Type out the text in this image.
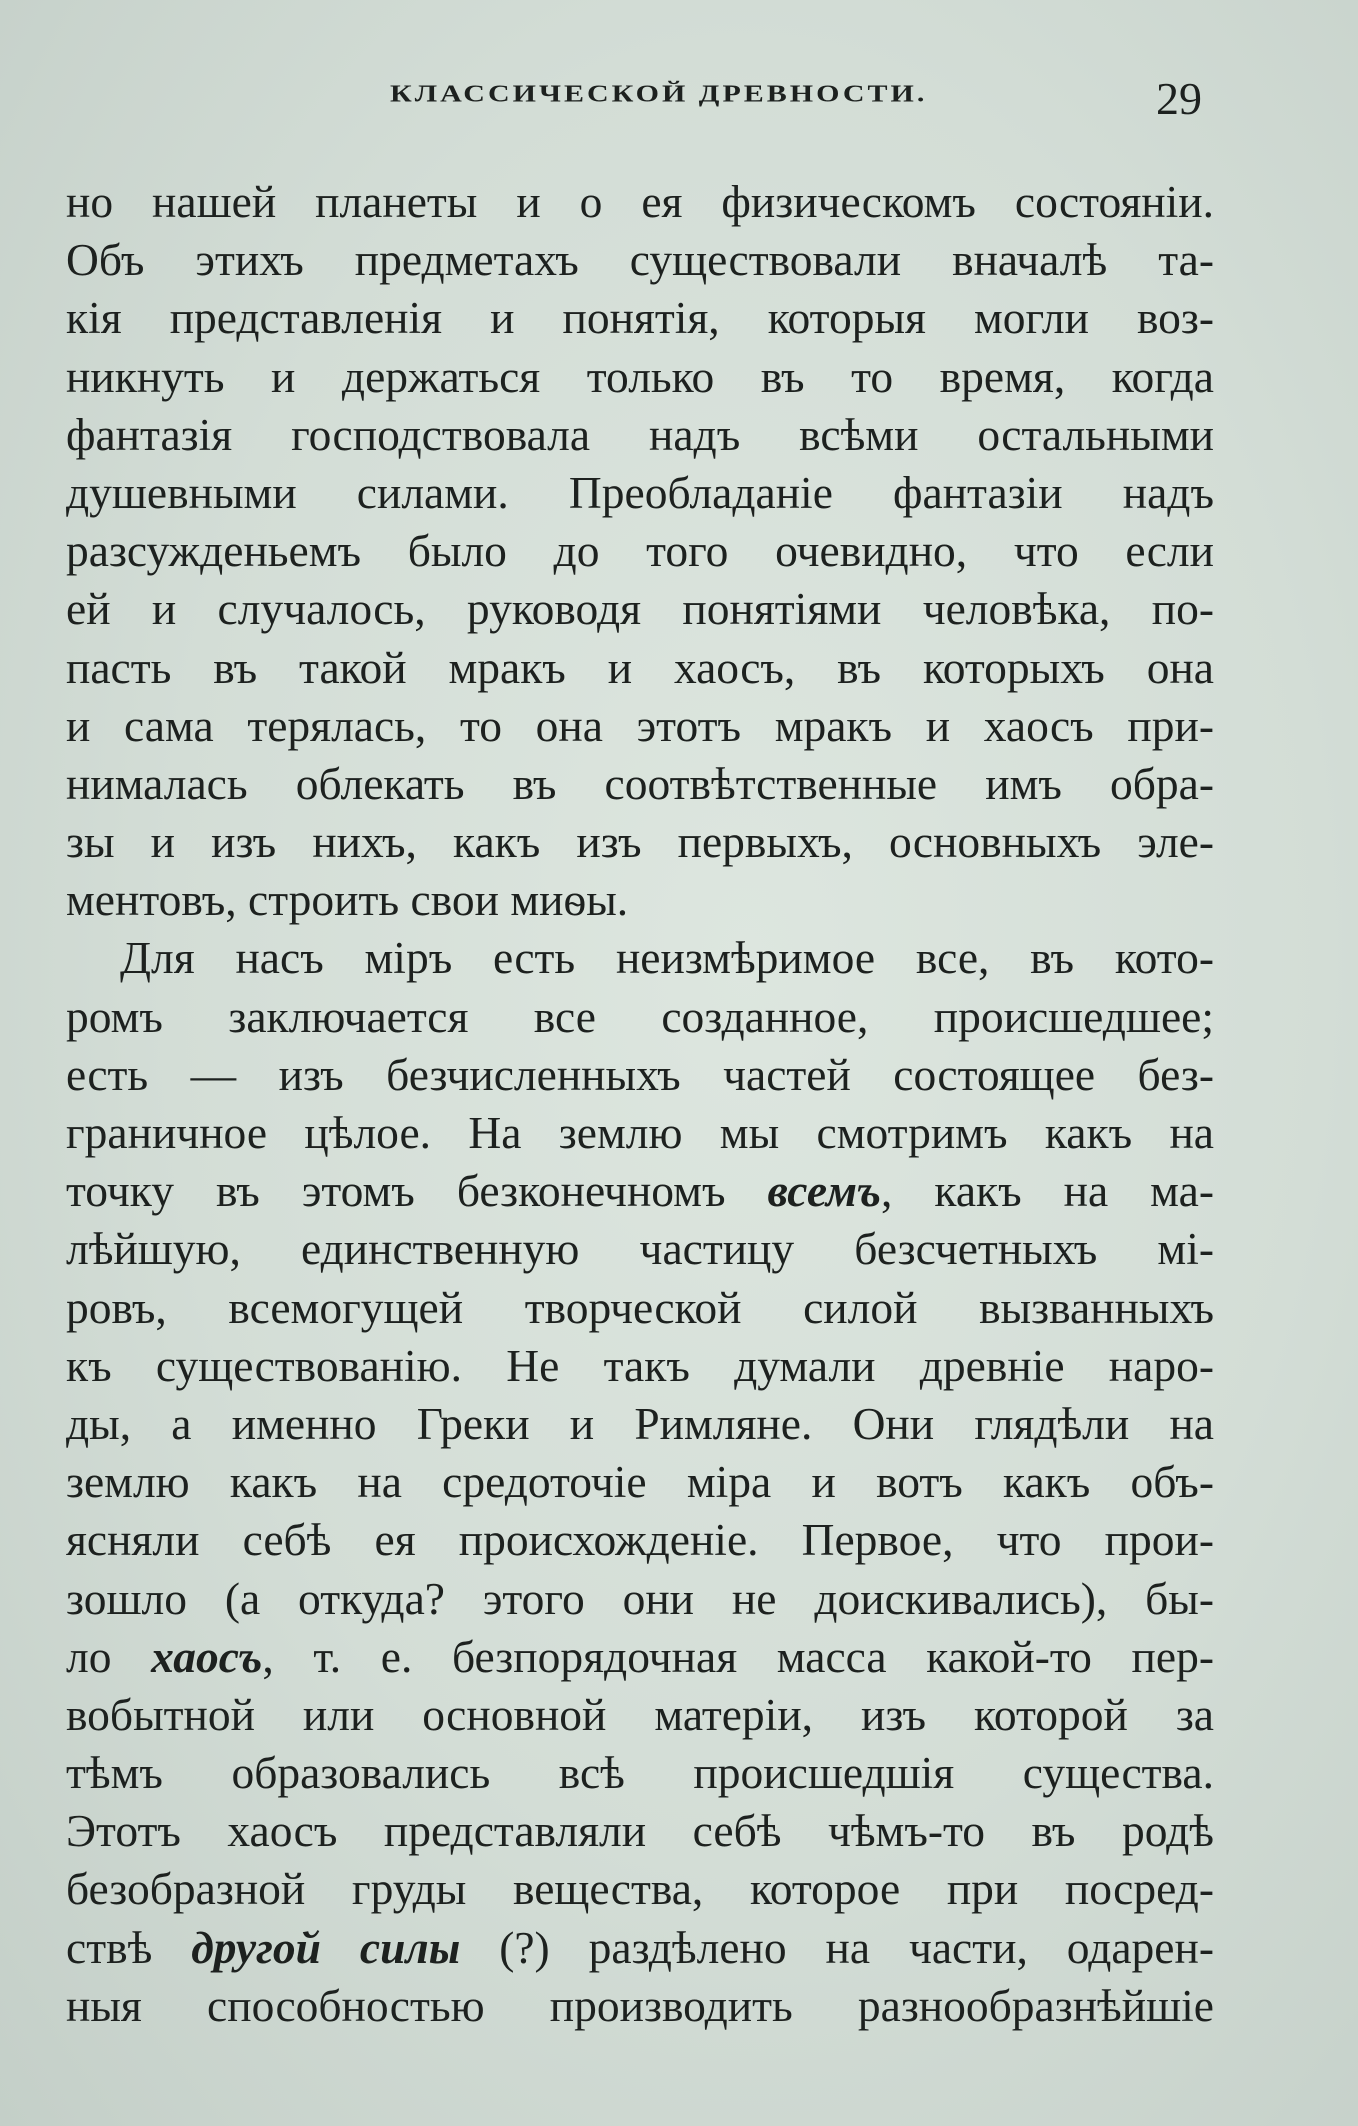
КЛАССИЧЕСКОЙ ДРЕВНОСТИ.	29
но нашей планеты и о ея физическомъ состоянiи.
Объ этихъ предметахъ существовали вначалѣ та-
кiя представленiя и понятiя, которыя могли воз-
никнуть и держаться только въ то время, когда
фантазiя господствовала надъ всѣми остальными
душевными силами. Преобладанiе фантазiи надъ
разсужденьемъ было до того очевидно, что если
ей и случалось, руководя понятiями человѣка, по-
пасть въ такой мракъ и хаосъ, въ которыхъ она
и сама терялась, то она этотъ мракъ и хаосъ при-
нималась облекать въ соотвѣтственные имъ обра-
зы и изъ нихъ, какъ изъ первыхъ, основныхъ эле-
ментовъ, строить свои миѳы.
Для насъ мiръ есть неизмѣримое все, въ кото-
ромъ заключается все созданное, происшедшее;
есть — изъ безчисленныхъ частей состоящее без-
граничное цѣлое. На землю мы смотримъ какъ на
точку въ этомъ безконечномъ всемъ, какъ на ма-
лѣйшую, единственную частицу безсчетныхъ мi-
ровъ, всемогущей творческой силой вызванныхъ
къ существованiю. Не такъ думали древнiе наро-
ды, а именно Греки и Римляне. Они глядѣли на
землю какъ на средоточiе мiра и вотъ какъ объ-
ясняли себѣ ея происхожденiе. Первое, что прои-
зошло (а откуда? этого они не доискивались), бы-
ло хаосъ, т. е. безпорядочная масса какой-то пер-
вобытной или основной матерiи, изъ которой за
тѣмъ образовались всѣ происшедшiя существа.
Этотъ хаосъ представляли себѣ чѣмъ-то въ родѣ
безобразной груды вещества, которое при посред-
ствѣ другой силы (?) раздѣлено на части, одарен-
ныя способностью производить разнообразнѣйшiе
